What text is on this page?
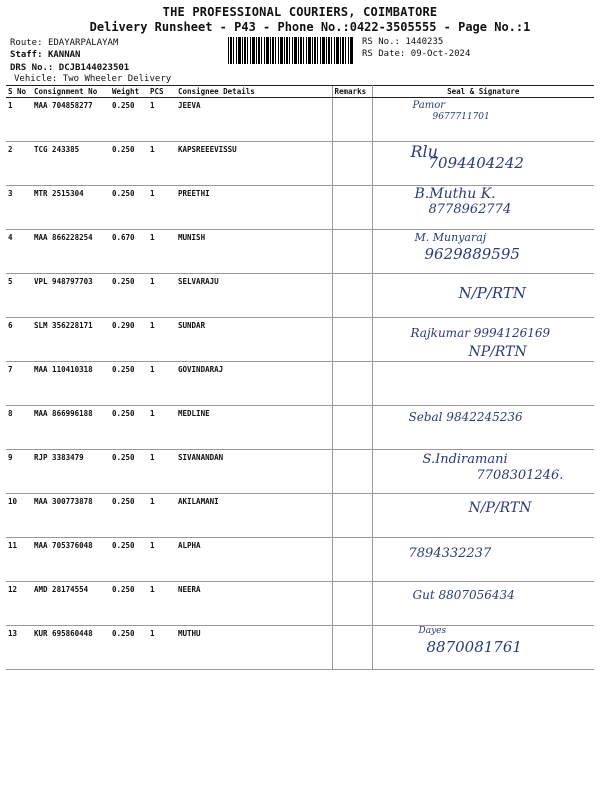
THE PROFESSIONAL COURIERS, COIMBATORE
Delivery Runsheet - P43 - Phone No.:0422-3505555 - Page No.:1
Route: EDAYARPALAYAM
Staff: KANNAN
DRS No.: DCJB144023501
Vehicle: Two Wheeler Delivery
RS No.: 1440235
RS Date: 09-Oct-2024
S No	Consignment No	Weight	PCS	Consignee Details	Remarks	Seal & Signature
1	MAA 704858277	0.250	1	JEEVA		Pamor
9677711701

2	TCG 243385	0.250	1	KAPSREEEVISSU		Rlu
7094404242

3	MTR 2515304	0.250	1	PREETHI		B.Muthu K.
8778962774

4	MAA 866228254	0.670	1	MUNISH		M. Munyaraj
9629889595

5	VPL 948797703	0.250	1	SELVARAJU		N/P/RTN

6	SLM 356228171	0.290	1	SUNDAR		Rajkumar 9994126169
NP/RTN

7	MAA 110410318	0.250	1	GOVINDARAJ		

8	MAA 866996188	0.250	1	MEDLINE		Sebal 9842245236

9	RJP 3383479	0.250	1	SIVANANDAN		S.Indiramani
7708301246.

10	MAA 300773878	0.250	1	AKILAMANI		N/P/RTN

11	MAA 705376048	0.250	1	ALPHA		7894332237

12	AMD 28174554	0.250	1	NEERA		Gut 8807056434

13	KUR 695860448	0.250	1	MUTHU		Dayes
8870081761
